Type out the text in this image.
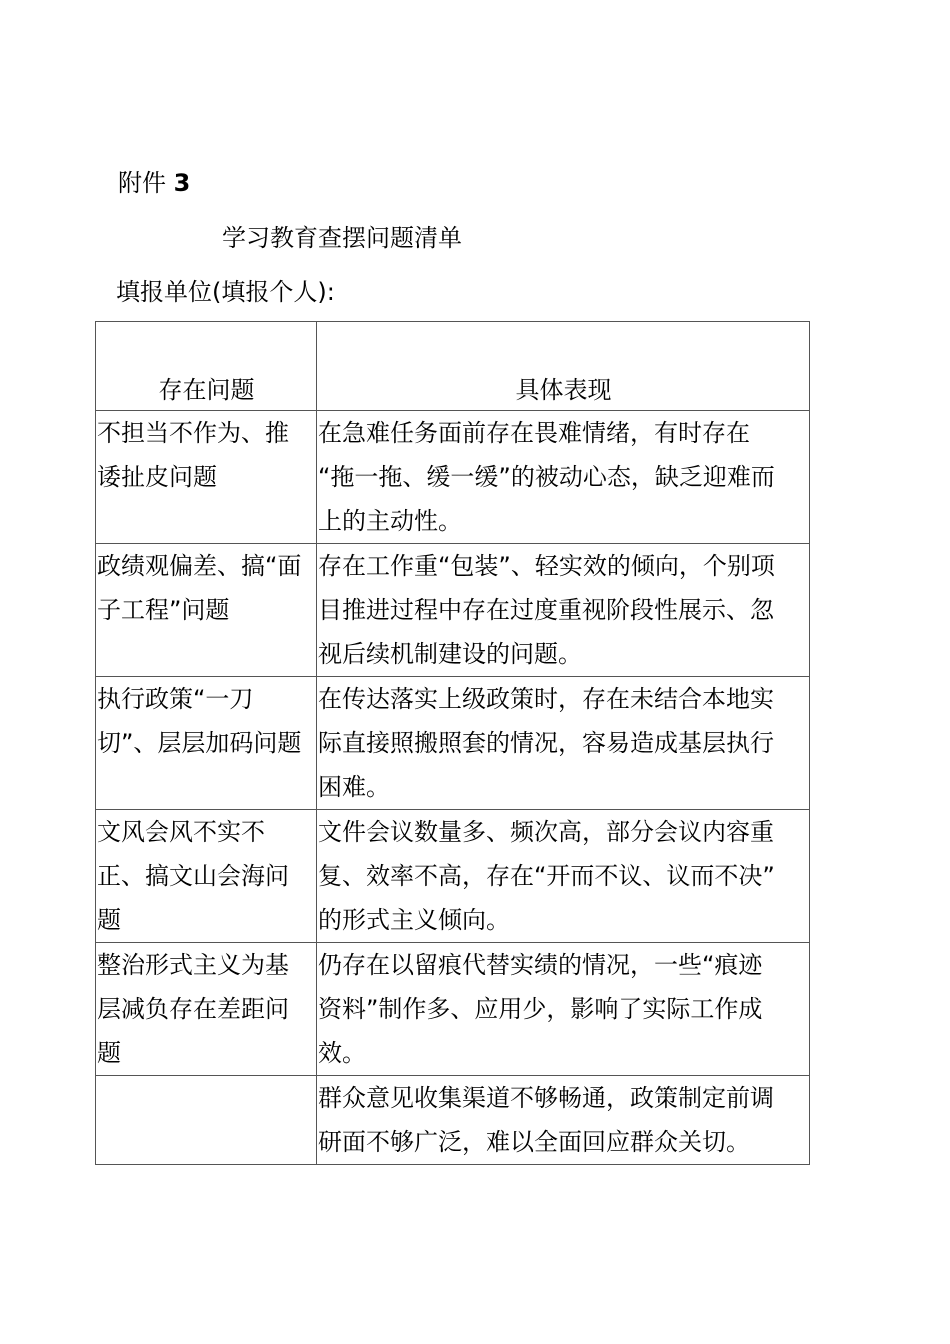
附件 3
学习教育查摆问题清单
填报单位(填报个人):
存在问题	具体表现

不担当不作为、推
诿扯皮问题	在急难任务面前存在畏难情绪，有时存在
“拖一拖、缓一缓”的被动心态，缺乏迎难而
上的主动性。

政绩观偏差、搞“面
子工程”问题	存在工作重“包装”、轻实效的倾向，个别项
目推进过程中存在过度重视阶段性展示、忽
视后续机制建设的问题。

执行政策“一刀
切”、层层加码问题	在传达落实上级政策时，存在未结合本地实
际直接照搬照套的情况，容易造成基层执行
困难。

文风会风不实不
正、搞文山会海问
题	文件会议数量多、频次高，部分会议内容重
复、效率不高，存在“开而不议、议而不决”
的形式主义倾向。

整治形式主义为基
层减负存在差距问
题	仍存在以留痕代替实绩的情况，一些“痕迹
资料”制作多、应用少，影响了实际工作成
效。

	群众意见收集渠道不够畅通，政策制定前调
研面不够广泛，难以全面回应群众关切。
